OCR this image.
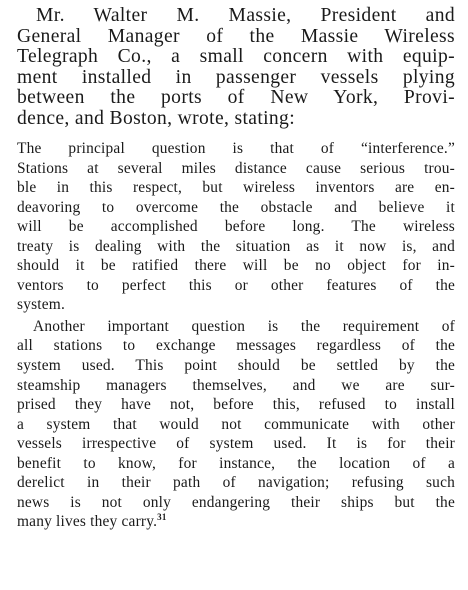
Mr. Walter M. Massie, President and
General Manager of the Massie Wireless
Telegraph Co., a small concern with equip-
ment installed in passenger vessels plying
between the ports of New York, Provi-
dence, and Boston, wrote, stating:
The principal question is that of “interference.”
Stations at several miles distance cause serious trou-
ble in this respect, but wireless inventors are en-
deavoring to overcome the obstacle and believe it
will be accomplished before long. The wireless
treaty is dealing with the situation as it now is, and
should it be ratified there will be no object for in-
ventors to perfect this or other features of the
system.
Another important question is the requirement of
all stations to exchange messages regardless of the
system used. This point should be settled by the
steamship managers themselves, and we are sur-
prised they have not, before this, refused to install
a system that would not communicate with other
vessels irrespective of system used. It is for their
benefit to know, for instance, the location of a
derelict in their path of navigation; refusing such
news is not only endangering their ships but the
many lives they carry.$^{31}$
